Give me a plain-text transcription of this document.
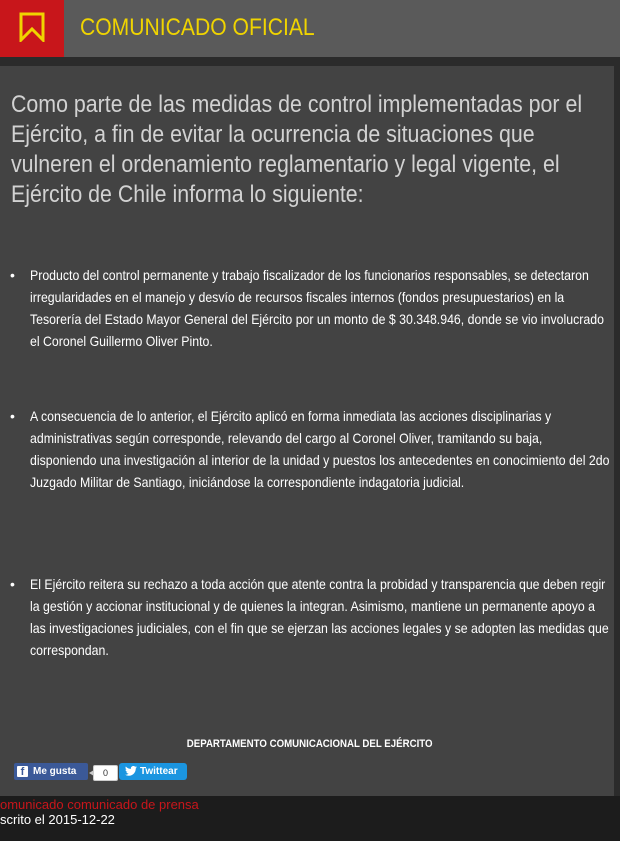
COMUNICADO OFICIAL
Como parte de las medidas de control implementadas por el Ejército, a fin de evitar la ocurrencia de situaciones que vulneren el ordenamiento reglamentario y legal vigente, el Ejército de Chile informa lo siguiente:
• Producto del control permanente y trabajo fiscalizador de los funcionarios responsables, se detectaron irregularidades en el manejo y desvío de recursos fiscales internos (fondos presupuestarios) en la Tesorería del Estado Mayor General del Ejército por un monto de $ 30.348.946, donde se vio involucrado el Coronel Guillermo Oliver Pinto.
• A consecuencia de lo anterior, el Ejército aplicó en forma inmediata las acciones disciplinarias y administrativas según corresponde, relevando del cargo al Coronel Oliver, tramitando su baja, disponiendo una investigación al interior de la unidad y puestos los antecedentes en conocimiento del 2do Juzgado Militar de Santiago, iniciándose la correspondiente indagatoria judicial.
• El Ejército reitera su rechazo a toda acción que atente contra la probidad y transparencia que deben regir la gestión y accionar institucional y de quienes la integran. Asimismo, mantiene un permanente apoyo a las investigaciones judiciales, con el fin que se ejerzan las acciones legales y se adopten las medidas que correspondan.
DEPARTAMENTO COMUNICACIONAL DEL EJÉRCITO
f Me gusta	0	Twittear
omunicado comunicado de prensa
scrito el 2015-12-22
